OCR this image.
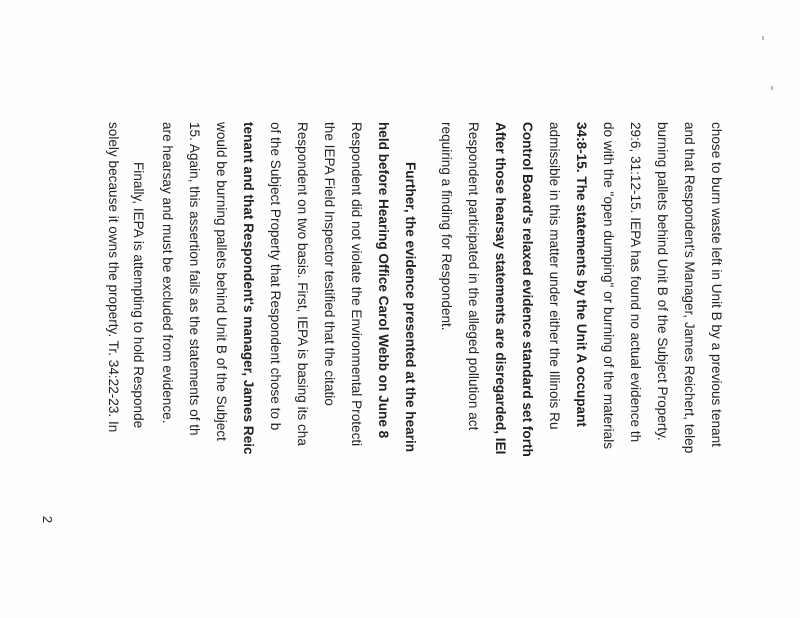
chose to burn waste left in Unit B by a previous tenant
and that Respondent's Manager, James Reichert, telep
burning pallets behind Unit B of the Subject Property.
29:6, 31:12-15. IEPA has found no actual evidence th
do with the "open dumping" or burning of the materials
34:8-15. The statements by the Unit A occupant
admissible in this matter under either the Illinois Ru
Control Board's relaxed evidence standard set forth
After those hearsay statements are disregarded, IEI
Respondent participated in the alleged pollution act
requiring a finding for Respondent.
Further, the evidence presented at the hearin
held before Hearing Office Carol Webb on June 8
Respondent did not violate the Environmental Protecti
the IEPA Field Inspector testified that the citatio
Respondent on two basis. First, IEPA is basing its cha
of the Subject Property that Respondent chose to b
tenant and that Respondent's manager, James Reic
would be burning pallets behind Unit B of the Subject
15. Again, this assertion fails as the statements of th
are hearsay and must be excluded from evidence.
Finally, IEPA is attempting to hold Responde
solely because it owns the property. Tr. 34:22-23. In
2
